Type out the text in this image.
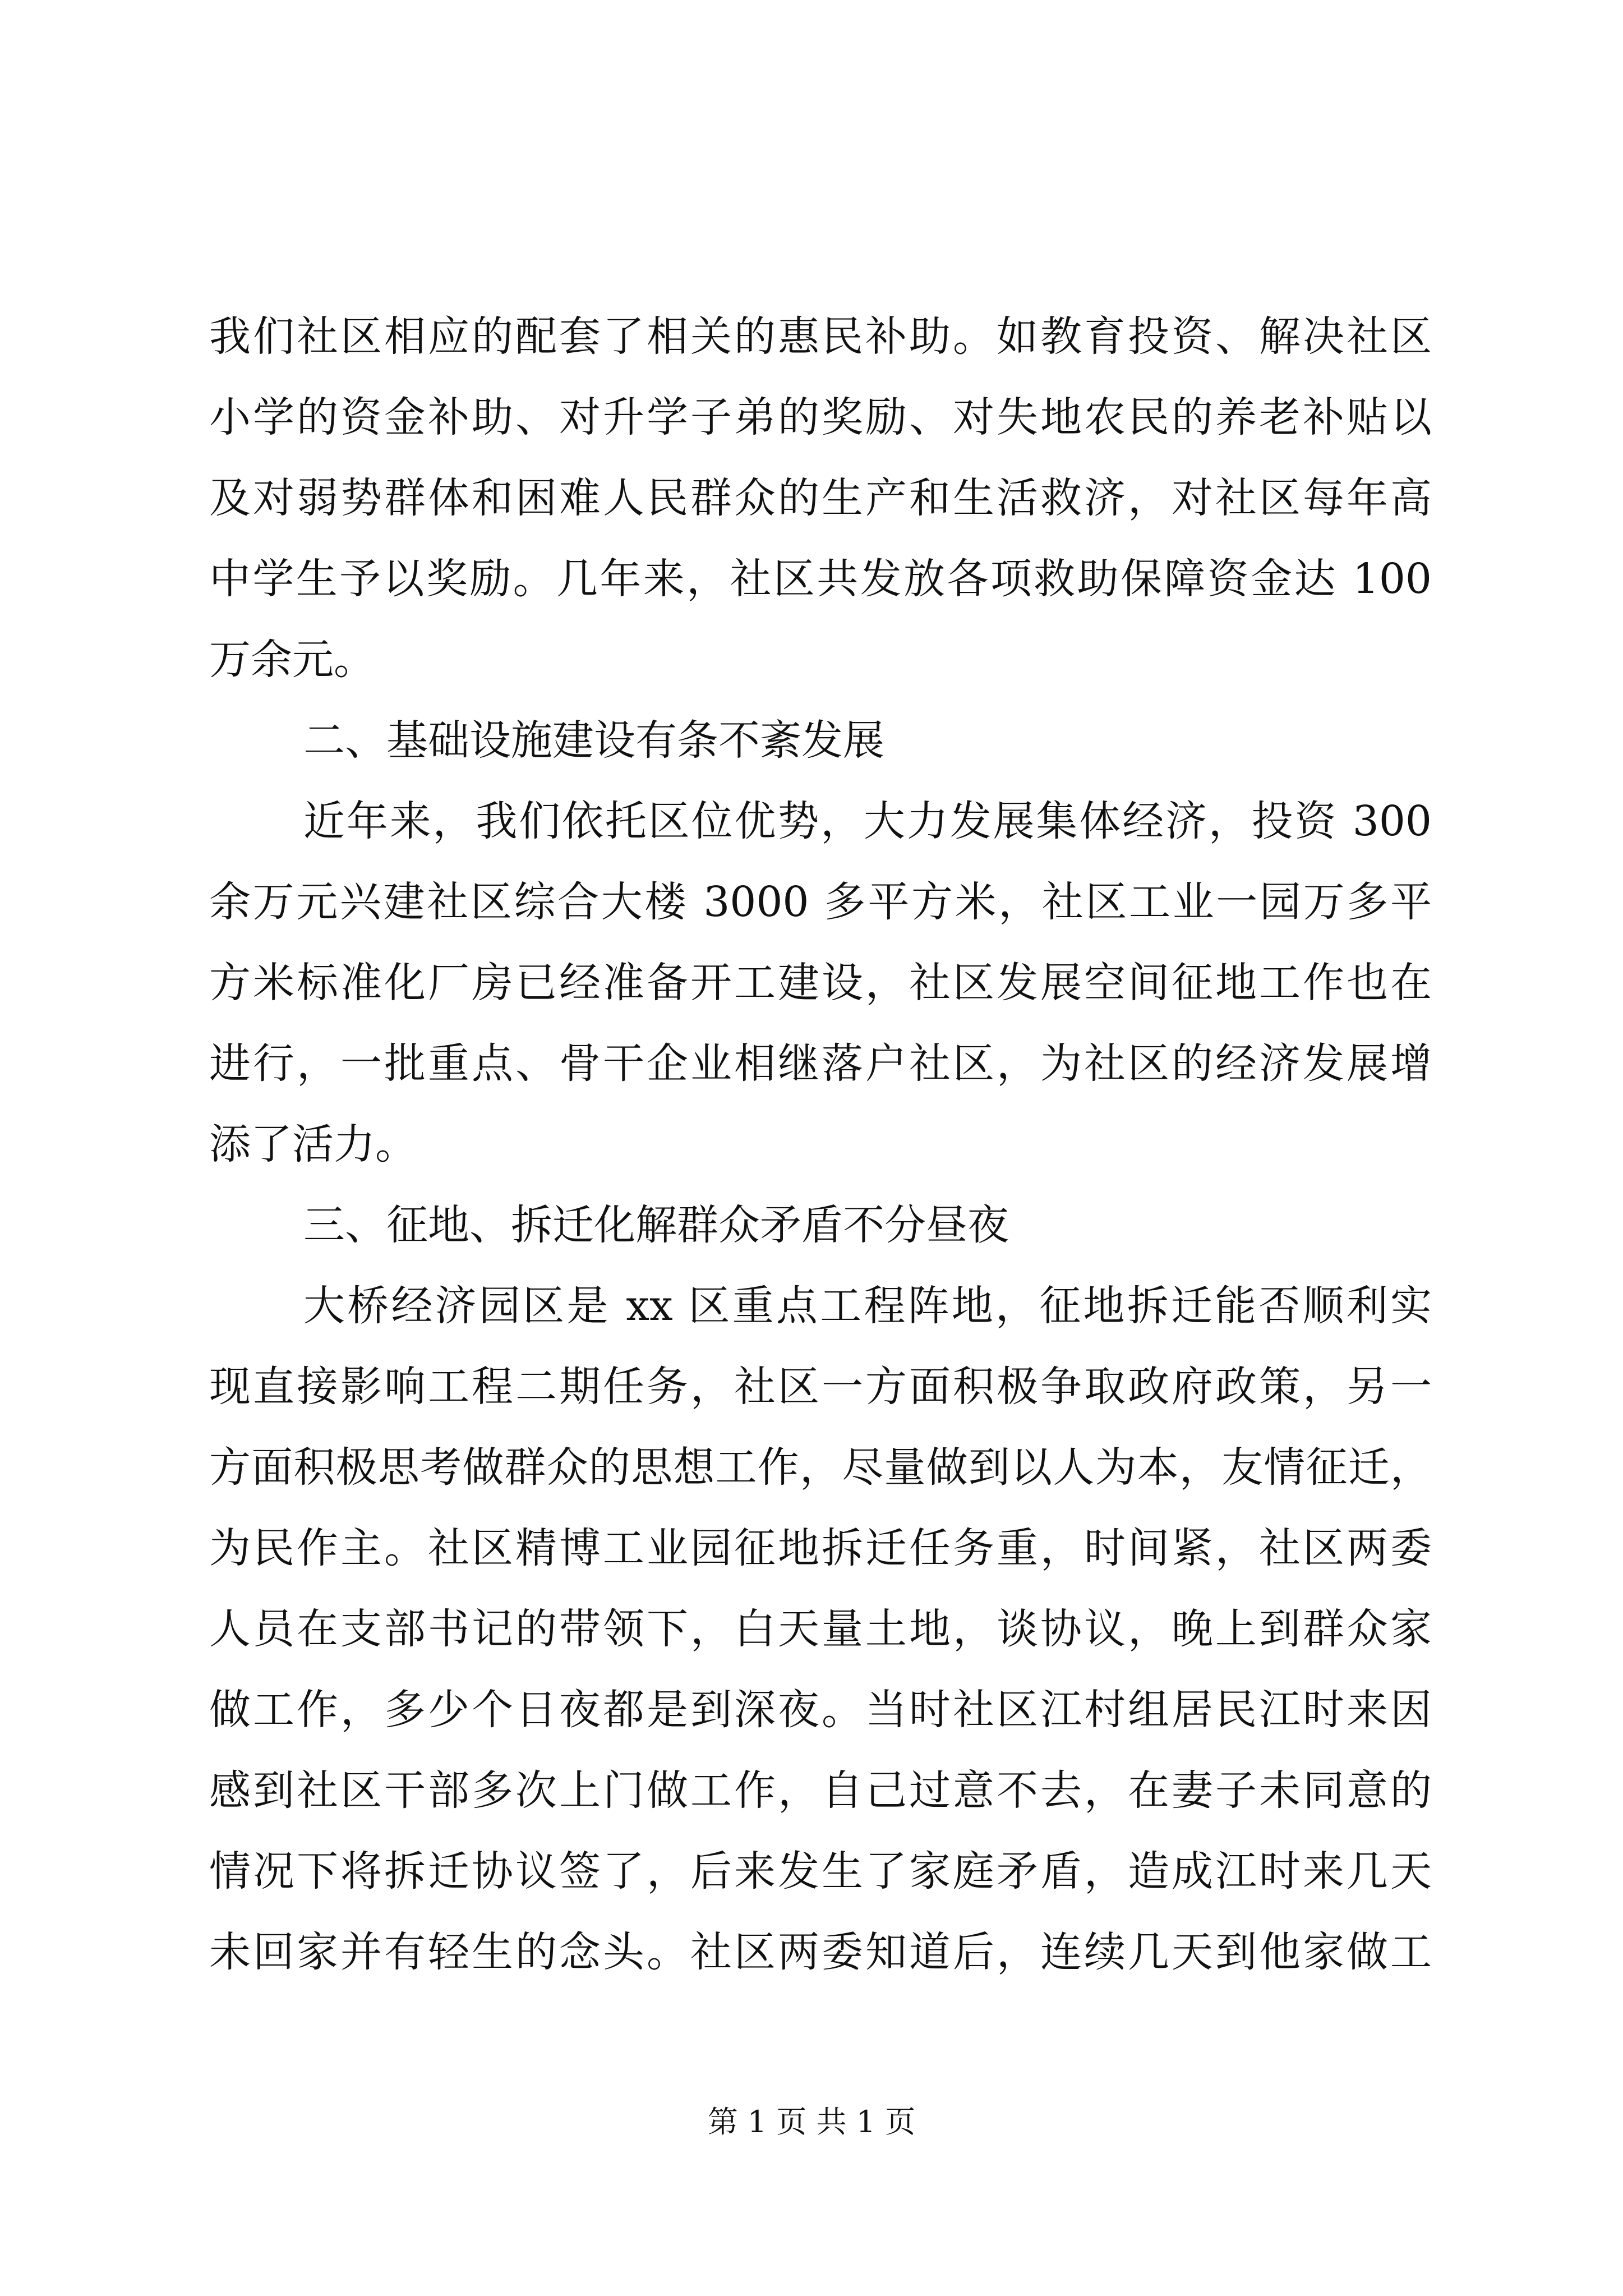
我们社区相应的配套了相关的惠民补助。如教育投资、解决社区
小学的资金补助、对升学子弟的奖励、对失地农民的养老补贴以
及对弱势群体和困难人民群众的生产和生活救济，对社区每年高
中学生予以奖励。几年来，社区共发放各项救助保障资金达 100
万余元。
二、基础设施建设有条不紊发展
近年来，我们依托区位优势，大力发展集体经济，投资 300
余万元兴建社区综合大楼 3000 多平方米，社区工业一园万多平
方米标准化厂房已经准备开工建设，社区发展空间征地工作也在
进行，一批重点、骨干企业相继落户社区，为社区的经济发展增
添了活力。
三、征地、拆迁化解群众矛盾不分昼夜
大桥经济园区是 xx 区重点工程阵地，征地拆迁能否顺利实
现直接影响工程二期任务，社区一方面积极争取政府政策，另一
方面积极思考做群众的思想工作，尽量做到以人为本，友情征迁，
为民作主。社区精博工业园征地拆迁任务重，时间紧，社区两委
人员在支部书记的带领下，白天量土地，谈协议，晚上到群众家
做工作，多少个日夜都是到深夜。当时社区江村组居民江时来因
感到社区干部多次上门做工作，自己过意不去，在妻子未同意的
情况下将拆迁协议签了，后来发生了家庭矛盾，造成江时来几天
未回家并有轻生的念头。社区两委知道后，连续几天到他家做工
第 1 页 共 1 页
